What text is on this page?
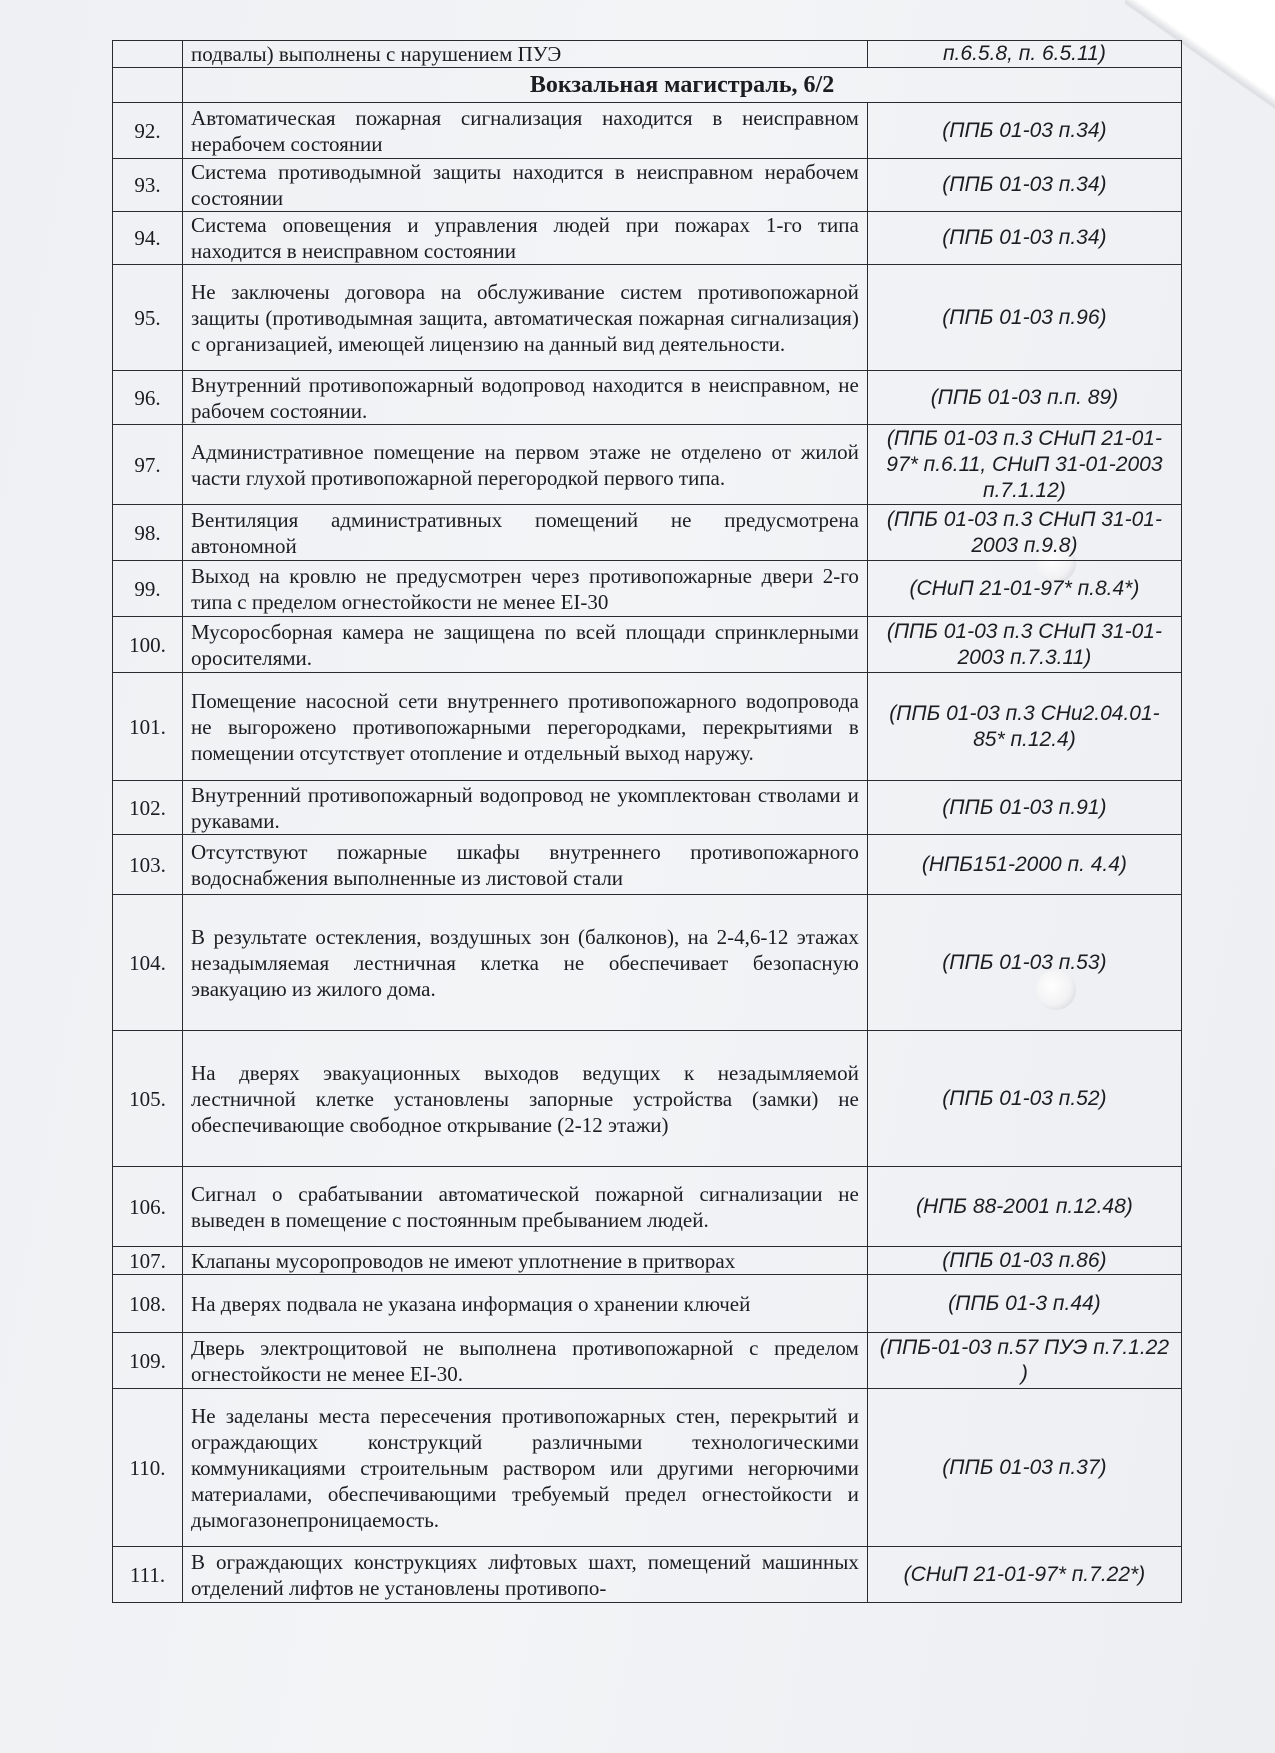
	подвалы) выполнены с нарушением ПУЭ	п.6.5.8, п. 6.5.11)
	Вокзальная магистраль, 6/2	
92.	Автоматическая пожарная сигнализация находится в неисправном нерабочем состоянии	(ППБ 01-03 п.34)
93.	Система противодымной защиты находится в неисправном нерабочем состоянии	(ППБ 01-03 п.34)
94.	Система оповещения и управления людей при пожарах 1-го типа находится в неисправном состоянии	(ППБ 01-03 п.34)
95.	Не заключены договора на обслуживание систем противопожарной защиты (противодымная защита, автоматическая пожарная сигнализация) с организацией, имеющей лицензию на данный вид деятельности.	(ППБ 01-03 п.96)
96.	Внутренний противопожарный водопровод находится в неисправном, не рабочем состоянии.	(ППБ 01-03 п.п. 89)
97.	Административное помещение на первом этаже не отделено от жилой части глухой противопожарной перегородкой первого типа.	(ППБ 01-03 п.3 СНиП 21-01-97* п.6.11, СНиП 31-01-2003 п.7.1.12)
98.	Вентиляция административных помещений не предусмотрена автономной	(ППБ 01-03 п.3 СНиП 31-01-2003 п.9.8)
99.	Выход на кровлю не предусмотрен через противопожарные двери 2-го типа с пределом огнестойкости не менее EI-30	(СНиП 21-01-97* п.8.4*)
100.	Мусоросборная камера не защищена по всей площади спринклерными оросителями.	(ППБ 01-03 п.3 СНиП 31-01-2003 п.7.3.11)
101.	Помещение насосной сети внутреннего противопожарного водопровода не выгорожено противопожарными перегородками, перекрытиями в помещении отсутствует отопление и отдельный выход наружу.	(ППБ 01-03 п.3 СНи2.04.01-85* п.12.4)
102.	Внутренний противопожарный водопровод не укомплектован стволами и рукавами.	(ППБ 01-03 п.91)
103.	Отсутствуют пожарные шкафы внутреннего противопожарного водоснабжения выполненные из листовой стали	(НПБ151-2000 п. 4.4)
104.	В результате остекления, воздушных зон (балконов), на 2-4,6-12 этажах незадымляемая лестничная клетка не обеспечивает безопасную эвакуацию из жилого дома.	(ППБ 01-03 п.53)
105.	На дверях эвакуационных выходов ведущих к незадымляемой лестничной клетке установлены запорные устройства (замки) не обеспечивающие свободное открывание (2-12 этажи)	(ППБ 01-03 п.52)
106.	Сигнал о срабатывании автоматической пожарной сигнализации не выведен в помещение с постоянным пребыванием людей.	(НПБ 88-2001 п.12.48)
107.	Клапаны мусоропроводов не имеют уплотнение в притворах	(ППБ 01-03 п.86)
108.	На дверях подвала не указана информация о хранении ключей	(ППБ 01-3 п.44)
109.	Дверь электрощитовой не выполнена противопожарной с пределом огнестойкости не менее EI-30.	(ППБ-01-03 п.57 ПУЭ п.7.1.22 )
110.	Не заделаны места пересечения противопожарных стен, перекрытий и ограждающих конструкций различными технологическими коммуникациями строительным раствором или другими негорючими материалами, обеспечивающими требуемый предел огнестойкости и дымогазонепроницаемость.	(ППБ 01-03 п.37)
111.	В ограждающих конструкциях лифтовых шахт, помещений машинных отделений лифтов не установлены противопо-	(СНиП 21-01-97* п.7.22*)
